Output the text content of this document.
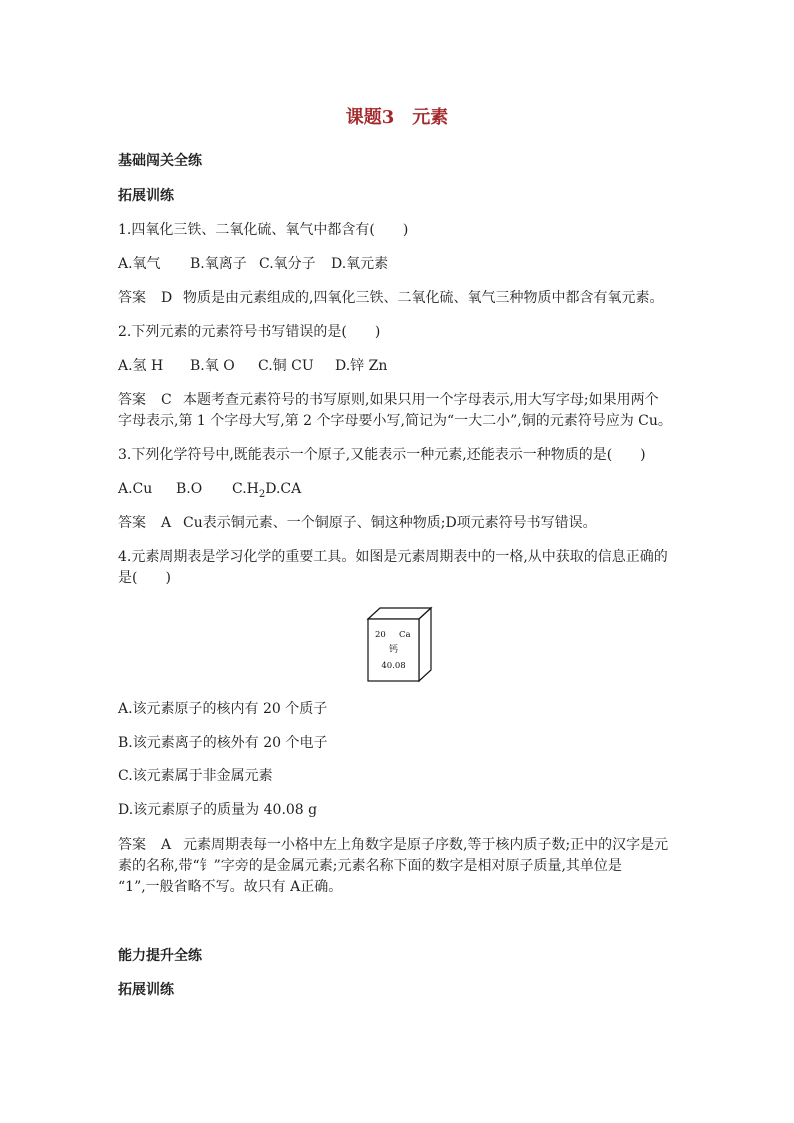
课题3　元素
基础闯关全练
拓展训练
1.四氧化三铁、二氧化硫、氧气中都含有(　　)
A.氧气 B.氧离子 C.氧分子 D.氧元素
答案 D 物质是由元素组成的,四氧化三铁、二氧化硫、氧气三种物质中都含有氧元素。
2.下列元素的元素符号书写错误的是(　　)
A.氢 H B.氧 O C.铜 CU D.锌 Zn
答案 C 本题考查元素符号的书写原则,如果只用一个字母表示,用大写字母;如果用两个
字母表示,第 1 个字母大写,第 2 个字母要小写,简记为“一大二小”,铜的元素符号应为 Cu。
3.下列化学符号中,既能表示一个原子,又能表示一种元素,还能表示一种物质的是(　　)
A.Cu B.O $C.H_2D.CA$
答案 A Cu表示铜元素、一个铜原子、铜这种物质;D项元素符号书写错误。
4.元素周期表是学习化学的重要工具。如图是元素周期表中的一格,从中获取的信息正确的
是(　　)
20 Ca
钙
40.08
A.该元素原子的核内有 20 个质子
B.该元素离子的核外有 20 个电子
C.该元素属于非金属元素
D.该元素原子的质量为 40.08 g
答案 A 元素周期表每一小格中左上角数字是原子序数,等于核内质子数;正中的汉字是元
素的名称,带“钅”字旁的是金属元素;元素名称下面的数字是相对原子质量,其单位是
“1”,一般省略不写。故只有 A正确。
能力提升全练
拓展训练
